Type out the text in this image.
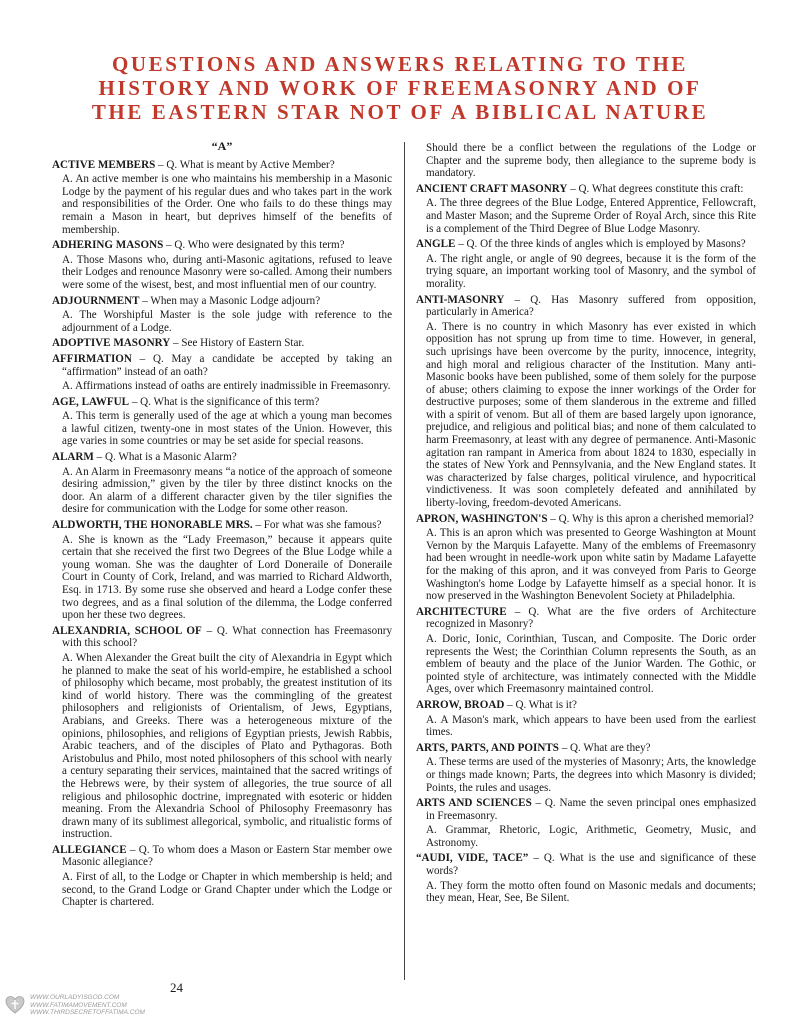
QUESTIONS AND ANSWERS RELATING TO THE
HISTORY AND WORK OF FREEMASONRY AND OF
THE EASTERN STAR NOT OF A BIBLICAL NATURE
“A”

ACTIVE MEMBERS – Q. What is meant by Active Member?

A. An active member is one who maintains his membership in a Masonic Lodge by the payment of his regular dues and who takes part in the work and responsibilities of the Order. One who fails to do these things may remain a Mason in heart, but deprives himself of the benefits of membership.

ADHERING MASONS – Q. Who were designated by this term?

A. Those Masons who, during anti-Masonic agitations, refused to leave their Lodges and renounce Masonry were so-called. Among their numbers were some of the wisest, best, and most influential men of our country.

ADJOURNMENT – When may a Masonic Lodge adjourn?

A. The Worshipful Master is the sole judge with reference to the adjournment of a Lodge.

ADOPTIVE MASONRY – See History of Eastern Star.

AFFIRMATION – Q. May a candidate be accepted by taking an “affirmation” instead of an oath?

A. Affirmations instead of oaths are entirely inadmissible in Freemasonry.

AGE, LAWFUL – Q. What is the significance of this term?

A. This term is generally used of the age at which a young man becomes a lawful citizen, twenty-one in most states of the Union. However, this age varies in some countries or may be set aside for special reasons.

ALARM – Q. What is a Masonic Alarm?

A. An Alarm in Freemasonry means “a notice of the approach of someone desiring admission,” given by the tiler by three distinct knocks on the door. An alarm of a different character given by the tiler signifies the desire for communication with the Lodge for some other reason.

ALDWORTH, THE HONORABLE MRS. – For what was she famous?

A. She is known as the “Lady Freemason,” because it appears quite certain that she received the first two Degrees of the Blue Lodge while a young woman. She was the daughter of Lord Doneraile of Doneraile Court in County of Cork, Ireland, and was married to Richard Aldworth, Esq. in 1713. By some ruse she observed and heard a Lodge confer these two degrees, and as a final solution of the dilemma, the Lodge conferred upon her these two degrees.

ALEXANDRIA, SCHOOL OF – Q. What connection has Freemasonry with this school?

A. When Alexander the Great built the city of Alexandria in Egypt which he planned to make the seat of his world-empire, he established a school of philosophy which became, most probably, the greatest institution of its kind of world history. There was the commingling of the greatest philosophers and religionists of Orientalism, of Jews, Egyptians, Arabians, and Greeks. There was a heterogeneous mixture of the opinions, philosophies, and religions of Egyptian priests, Jewish Rabbis, Arabic teachers, and of the disciples of Plato and Pythagoras. Both Aristobulus and Philo, most noted philosophers of this school with nearly a century separating their services, maintained that the sacred writings of the Hebrews were, by their system of allegories, the true source of all religious and philosophic doctrine, impregnated with esoteric or hidden meaning. From the Alexandria School of Philosophy Freemasonry has drawn many of its sublimest allegorical, symbolic, and ritualistic forms of instruction.

ALLEGIANCE – Q. To whom does a Mason or Eastern Star member owe Masonic allegiance?

A. First of all, to the Lodge or Chapter in which membership is held; and second, to the Grand Lodge or Grand Chapter under which the Lodge or Chapter is chartered.

Should there be a conflict between the regulations of the Lodge or Chapter and the supreme body, then allegiance to the supreme body is mandatory.

ANCIENT CRAFT MASONRY – Q. What degrees constitute this craft:

A. The three degrees of the Blue Lodge, Entered Apprentice, Fellowcraft, and Master Mason; and the Supreme Order of Royal Arch, since this Rite is a complement of the Third Degree of Blue Lodge Masonry.

ANGLE – Q. Of the three kinds of angles which is employed by Masons?

A. The right angle, or angle of 90 degrees, because it is the form of the trying square, an important working tool of Masonry, and the symbol of morality.

ANTI-MASONRY – Q. Has Masonry suffered from opposition, particularly in America?

A. There is no country in which Masonry has ever existed in which opposition has not sprung up from time to time. However, in general, such uprisings have been overcome by the purity, innocence, integrity, and high moral and religious character of the Institution. Many anti-Masonic books have been published, some of them solely for the purpose of abuse; others claiming to expose the inner workings of the Order for destructive purposes; some of them slanderous in the extreme and filled with a spirit of venom. But all of them are based largely upon ignorance, prejudice, and religious and political bias; and none of them calculated to harm Freemasonry, at least with any degree of permanence. Anti-Masonic agitation ran rampant in America from about 1824 to 1830, especially in the states of New York and Pennsylvania, and the New England states. It was characterized by false charges, political virulence, and hypocritical vindictiveness. It was soon completely defeated and annihilated by liberty-loving, freedom-devoted Americans.

APRON, WASHINGTON'S – Q. Why is this apron a cherished memorial?

A. This is an apron which was presented to George Washington at Mount Vernon by the Marquis Lafayette. Many of the emblems of Freemasonry had been wrought in needle-work upon white satin by Madame Lafayette for the making of this apron, and it was conveyed from Paris to George Washington's home Lodge by Lafayette himself as a special honor. It is now preserved in the Washington Benevolent Society at Philadelphia.

ARCHITECTURE – Q. What are the five orders of Architecture recognized in Masonry?

A. Doric, Ionic, Corinthian, Tuscan, and Composite. The Doric order represents the West; the Corinthian Column represents the South, as an emblem of beauty and the place of the Junior Warden. The Gothic, or pointed style of architecture, was intimately connected with the Middle Ages, over which Freemasonry maintained control.

ARROW, BROAD – Q. What is it?

A. A Mason's mark, which appears to have been used from the earliest times.

ARTS, PARTS, AND POINTS – Q. What are they?

A. These terms are used of the mysteries of Masonry; Arts, the knowledge or things made known; Parts, the degrees into which Masonry is divided; Points, the rules and usages.

ARTS AND SCIENCES – Q. Name the seven principal ones emphasized in Freemasonry.

A. Grammar, Rhetoric, Logic, Arithmetic, Geometry, Music, and Astronomy.

“AUDI, VIDE, TACE” – Q. What is the use and significance of these words?

A. They form the motto often found on Masonic medals and documents; they mean, Hear, See, Be Silent.

24
WWW.OURLADYISGOD.COM
WWW.FATIMAMOVEMENT.COM
WWW.THIRDSECRETOFFATIMA.COM
